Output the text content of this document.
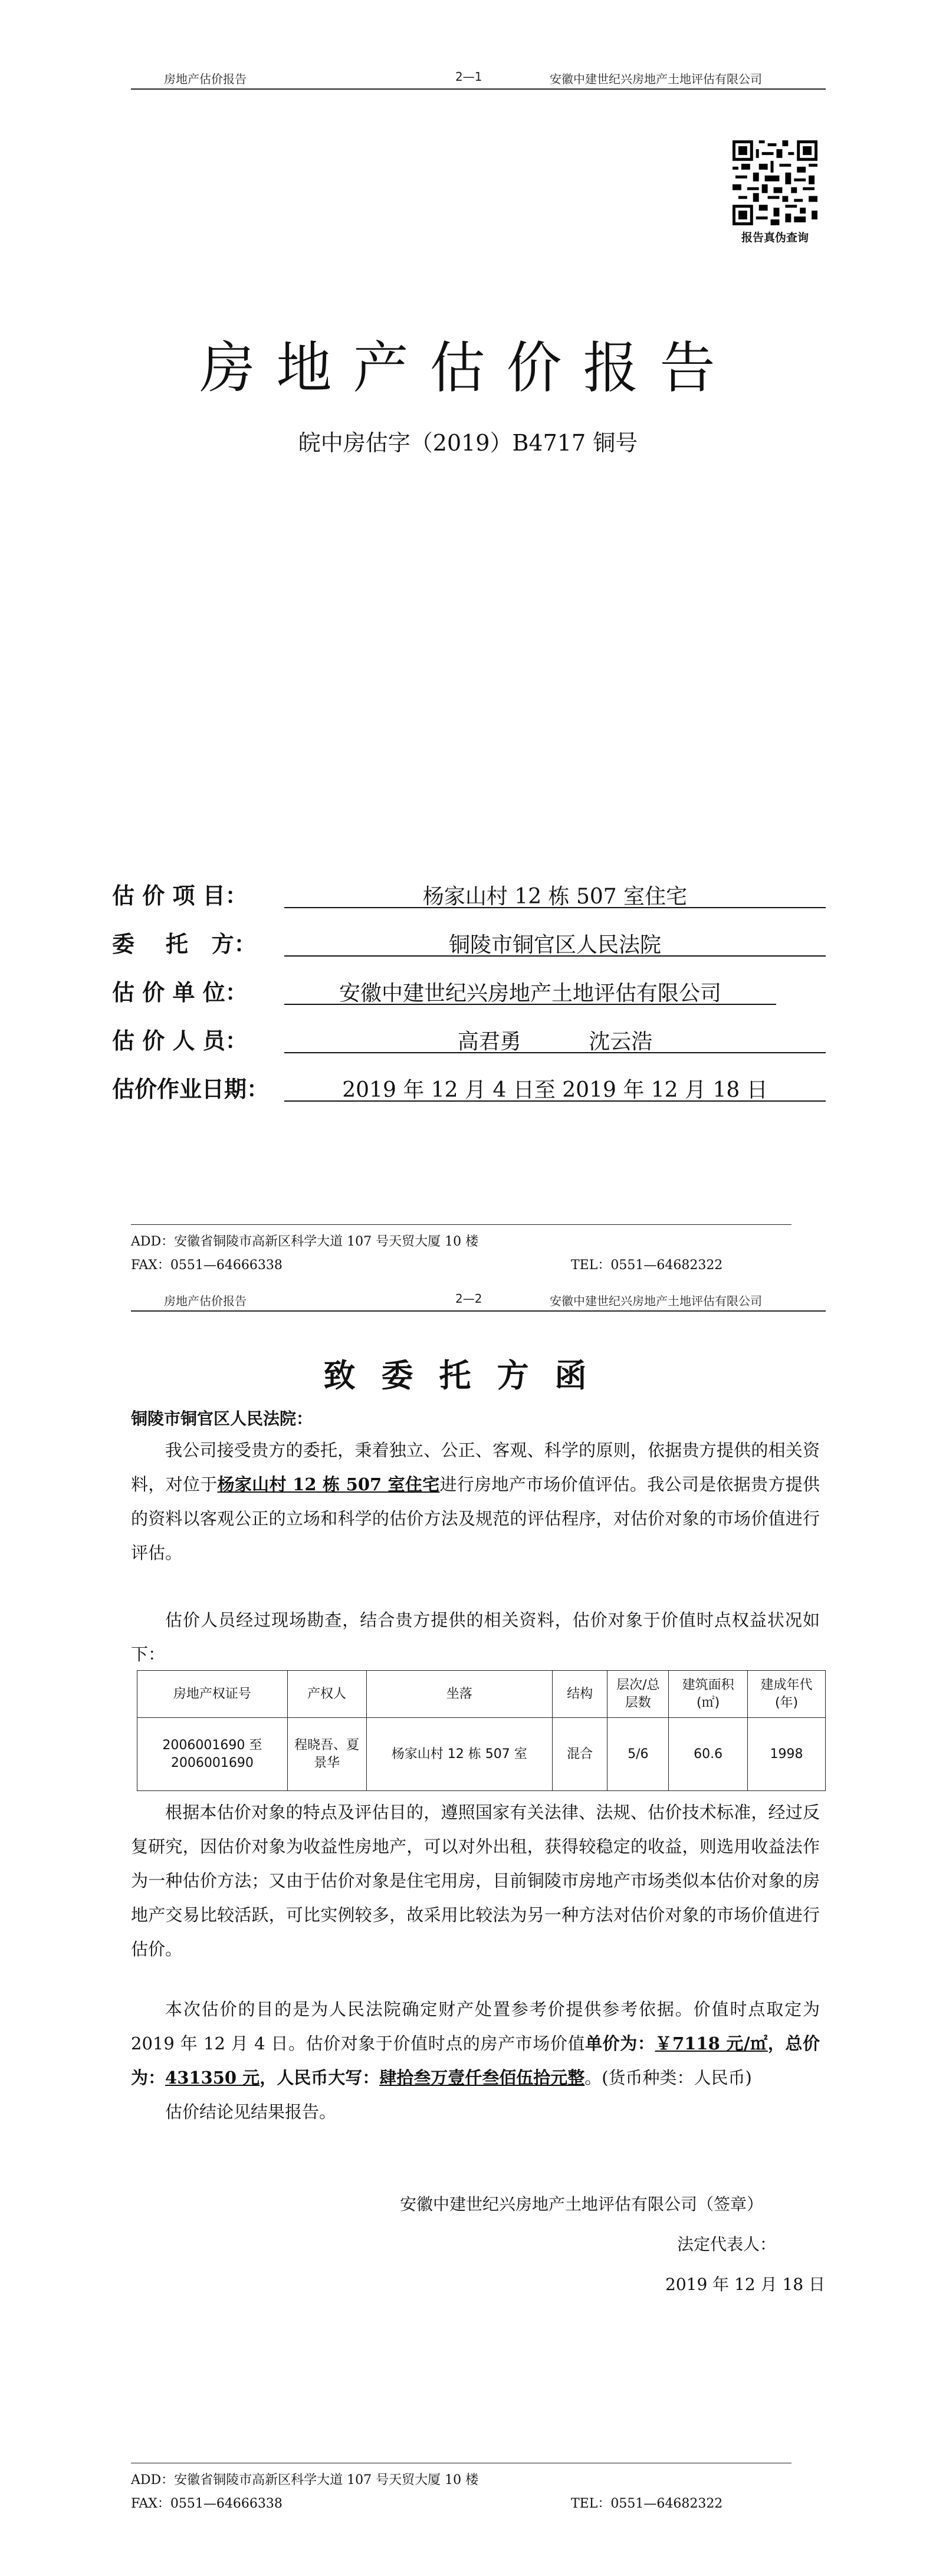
房地产估价报告	2—1	安徽中建世纪兴房地产土地评估有限公司
报告真伪查询
房地产估价报告
皖中房估字（2019）B4717 铜号
估 价 项 目：	杨家山村 12 栋 507 室住宅
委    托   方：	铜陵市铜官区人民法院
估 价 单 位：	安徽中建世纪兴房地产土地评估有限公司
估 价 人 员：	高君勇          沈云浩
估价作业日期：	2019 年 12 月 4 日至 2019 年 12 月 18 日
ADD：安徽省铜陵市高新区科学大道 107 号天贸大厦 10 楼
FAX：0551—64666338	TEL：0551—64682322
房地产估价报告	2—2	安徽中建世纪兴房地产土地评估有限公司
致委托方函
铜陵市铜官区人民法院：
我公司接受贵方的委托，秉着独立、公正、客观、科学的原则，依据贵方提供的相关资料，对位于杨家山村 12 栋 507 室住宅进行房地产市场价值评估。我公司是依据贵方提供的资料以客观公正的立场和科学的估价方法及规范的评估程序，对估价对象的市场价值进行评估。
估价人员经过现场勘查，结合贵方提供的相关资料，估价对象于价值时点权益状况如下：
房地产权证号	产权人	坐落	结构	层次/总层数	建筑面积(㎡)	建成年代(年)
2006001690 至 2006001690	程晓吾、夏景华	杨家山村 12 栋 507 室	混合	5/6	60.6	1998
根据本估价对象的特点及评估目的，遵照国家有关法律、法规、估价技术标准，经过反复研究，因估价对象为收益性房地产，可以对外出租，获得较稳定的收益，则选用收益法作为一种估价方法；又由于估价对象是住宅用房，目前铜陵市房地产市场类似本估价对象的房地产交易比较活跃，可比实例较多，故采用比较法为另一种方法对估价对象的市场价值进行估价。
本次估价的目的是为人民法院确定财产处置参考价提供参考依据。价值时点取定为 2019 年 12 月 4 日。估价对象于价值时点的房产市场价值单价为：￥7118 元/㎡，总价为：431350 元，人民币大写：肆拾叁万壹仟叁佰伍拾元整。(货币种类：人民币)
估价结论见结果报告。
安徽中建世纪兴房地产土地评估有限公司（签章）
法定代表人：
2019 年 12 月 18 日
ADD：安徽省铜陵市高新区科学大道 107 号天贸大厦 10 楼
FAX：0551—64666338	TEL：0551—64682322
